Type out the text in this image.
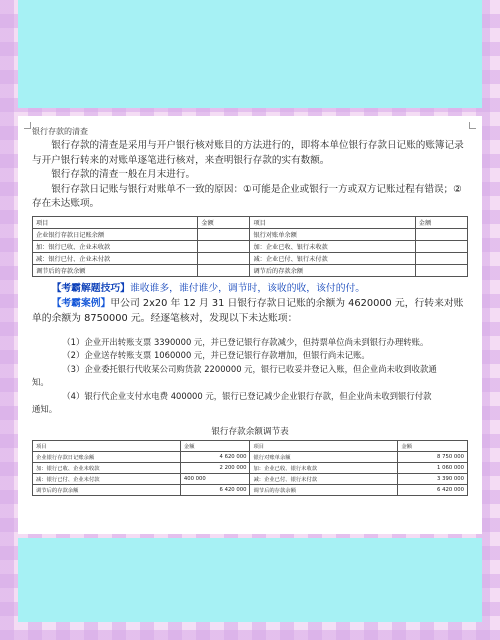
银行存款的清查

银行存款的清查是采用与开户银行核对账目的方法进行的，即将本单位银行存款日记账的账簿记录与开户银行转来的对账单逐笔进行核对，来查明银行存款的实有数额。

银行存款的清查一般在月末进行。

银行存款日记账与银行对账单不一致的原因：①可能是企业或银行一方或双方记账过程有错误；②存在未达账项。

项目	金额	项目	金额
企业银行存款日记账余额		银行对账单余额	
加：银行已收、企业未收款		加：企业已收、银行未收款	
减：银行已付、企业未付款		减：企业已付、银行未付款	
调节后的存款余额		调节后的存款余额	

【考霸解题技巧】谁收谁多，谁付谁少，调节时，该收的收，该付的付。

【考霸案例】甲公司 2x20 年 12 月 31 日银行存款日记账的余额为 4620000 元，行转来对账单的余额为 8750000 元。经逐笔核对，发现以下未达账项：

（1）企业开出转账支票 3390000 元，并已登记银行存款减少，但持票单位尚未到银行办理转账。

（2）企业送存转账支票 1060000 元，并已登记银行存款增加，但银行尚未记账。

（3）企业委托银行代收某公司购货款 2200000 元，银行已收妥并登记入账，但企业尚未收到收款通

知。

（4）银行代企业支付水电费 400000 元，银行已登记减少企业银行存款，但企业尚未收到银行付款

通知。

银行存款余额调节表

项目	金额	项目	金额
企业银行存款日记账余额	4 620 000	银行对账单余额	8 750 000
加：银行已收、企业未收款	2 200 000	加：企业已收、银行未收款	1 060 000
减：银行已付、企业未付款	400 000	减：企业已付、银行未付款	3 390 000
调节后的存款余额	6 420 000	调节后的存款余额	6 420 000
